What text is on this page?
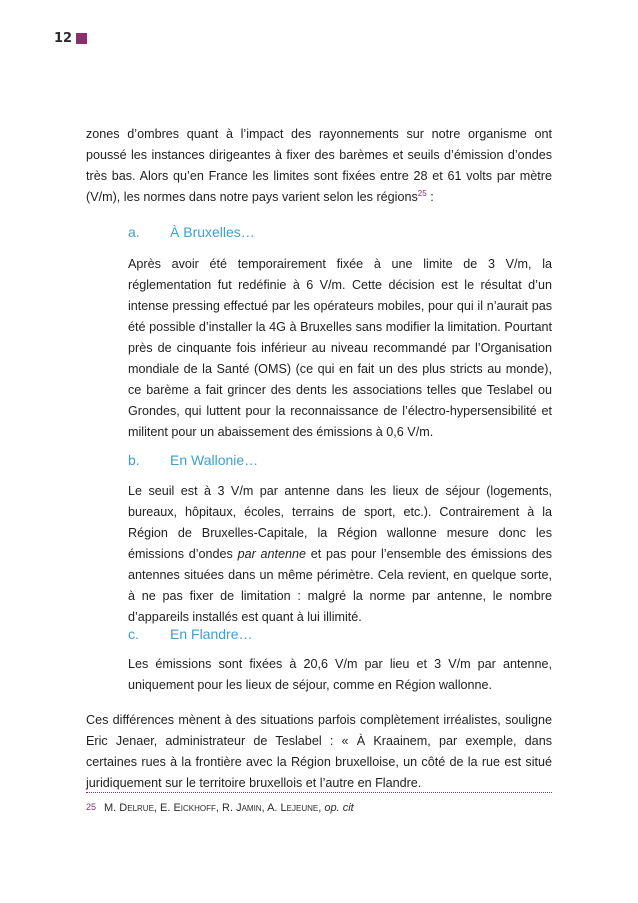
12
zones d’ombres quant à l’impact des rayonnements sur notre organisme ont poussé les instances dirigeantes à fixer des barèmes et seuils d’émission d’ondes très bas. Alors qu’en France les limites sont fixées entre 28 et 61 volts par mètre (V/m), les normes dans notre pays varient selon les régions$^{25}$ :
a. À Bruxelles…
Après avoir été temporairement fixée à une limite de 3 V/m, la réglementation fut redéfinie à 6 V/m. Cette décision est le résultat d’un intense pressing effectué par les opérateurs mobiles, pour qui il n’aurait pas été possible d’installer la 4G à Bruxelles sans modifier la limitation. Pourtant près de cinquante fois inférieur au niveau recommandé par l’Organisation mondiale de la Santé (OMS) (ce qui en fait un des plus stricts au monde), ce barème a fait grincer des dents les associations telles que Teslabel ou Grondes, qui luttent pour la reconnaissance de l’électro-hypersensibilité et militent pour un abaissement des émissions à 0,6 V/m.
b. En Wallonie…
Le seuil est à 3 V/m par antenne dans les lieux de séjour (logements, bureaux, hôpitaux, écoles, terrains de sport, etc.). Contrairement à la Région de Bruxelles-Capitale, la Région wallonne mesure donc les émissions d’ondes par antenne et pas pour l’ensemble des émissions des antennes situées dans un même périmètre. Cela revient, en quelque sorte, à ne pas fixer de limitation : malgré la norme par antenne, le nombre d’appareils installés est quant à lui illimité.
c. En Flandre…
Les émissions sont fixées à 20,6 V/m par lieu et 3 V/m par antenne, uniquement pour les lieux de séjour, comme en Région wallonne.
Ces différences mènent à des situations parfois complètement irréalistes, souligne Eric Jenaer, administrateur de Teslabel : « À Kraainem, par exemple, dans certaines rues à la frontière avec la Région bruxelloise, un côté de la rue est situé juridiquement sur le territoire bruxellois et l’autre en Flandre.
$^{25}$ M. Delrue, E. Eickhoff, R. Jamin, A. Lejeune, op. cit
